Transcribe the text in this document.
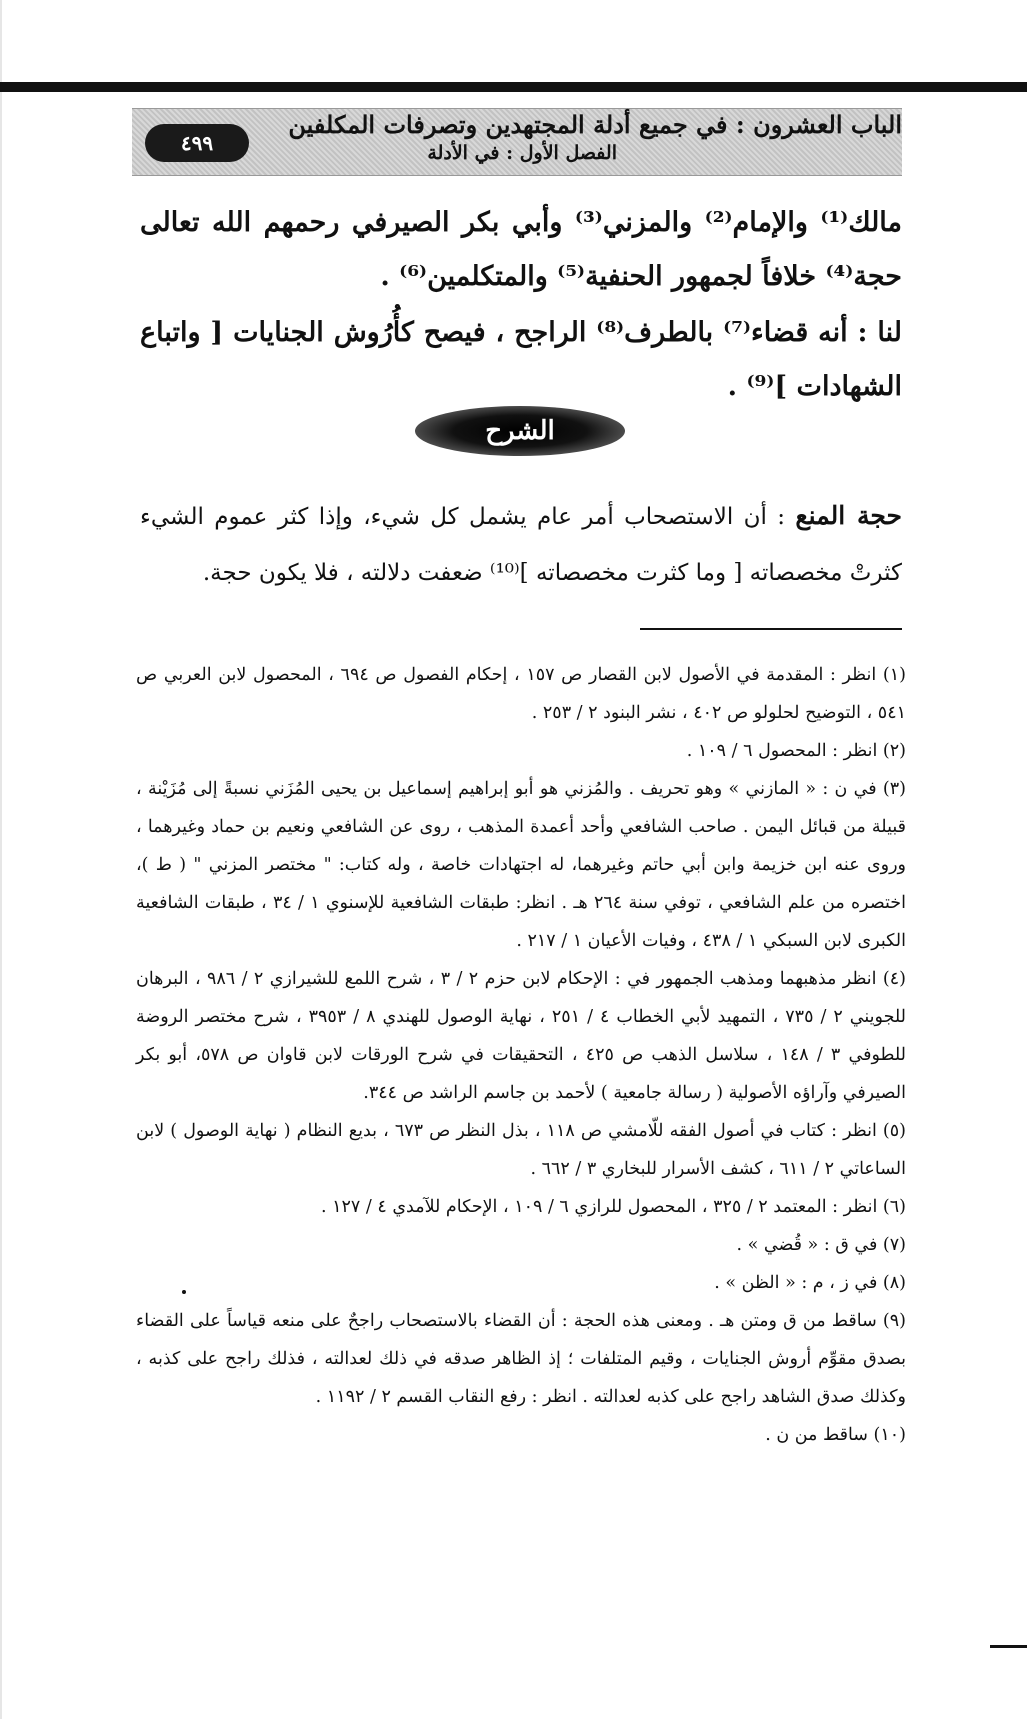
٤٩٩
الباب العشرون : في جميع أدلة المجتهدين وتصرفات المكلفين
الفصل الأول : في الأدلة
مالك⁽¹⁾ والإمام⁽²⁾ والمزني⁽³⁾ وأبي بكر الصيرفي رحمهم الله تعالى حجة⁽⁴⁾ خلافاً لجمهور الحنفية⁽⁵⁾ والمتكلمين⁽⁶⁾ .
لنا : أنه قضاء⁽⁷⁾ بالطرف⁽⁸⁾ الراجح ، فيصح كأُرُوش الجنايات [ واتباع الشهادات ]⁽⁹⁾ .
الشرح
حجة المنع : أن الاستصحاب أمر عام يشمل كل شيء، وإذا كثر عموم الشيء كثرتْ مخصصاته [ وما كثرت مخصصاته ]⁽¹⁰⁾ ضعفت دلالته ، فلا يكون حجة.
(١) انظر : المقدمة في الأصول لابن القصار ص ١٥٧ ، إحكام الفصول ص ٦٩٤ ، المحصول لابن العربي ص ٥٤١ ، التوضيح لحلولو ص ٤٠٢ ، نشر البنود ٢ / ٢٥٣ .
(٢) انظر : المحصول ٦ / ١٠٩ .
(٣) في ن : « المازني » وهو تحريف . والمُزني هو أبو إبراهيم إسماعيل بن يحيى المُزَني نسبةً إلى مُزَيْنة ، قبيلة من قبائل اليمن . صاحب الشافعي وأحد أعمدة المذهب ، روى عن الشافعي ونعيم بن حماد وغيرهما ، وروى عنه ابن خزيمة وابن أبي حاتم وغيرهما، له اجتهادات خاصة ، وله كتاب: " مختصر المزني " ( ط )، اختصره من علم الشافعي ، توفي سنة ٢٦٤ هـ . انظر: طبقات الشافعية للإسنوي ١ / ٣٤ ، طبقات الشافعية الكبرى لابن السبكي ١ / ٤٣٨ ، وفيات الأعيان ١ / ٢١٧ .
(٤) انظر مذهبهما ومذهب الجمهور في : الإحكام لابن حزم ٢ / ٣ ، شرح اللمع للشيرازي ٢ / ٩٨٦ ، البرهان للجويني ٢ / ٧٣٥ ، التمهيد لأبي الخطاب ٤ / ٢٥١ ، نهاية الوصول للهندي ٨ / ٣٩٥٣ ، شرح مختصر الروضة للطوفي ٣ / ١٤٨ ، سلاسل الذهب ص ٤٢٥ ، التحقيقات في شرح الورقات لابن قاوان ص ٥٧٨، أبو بكر الصيرفي وآراؤه الأصولية ( رسالة جامعية ) لأحمد بن جاسم الراشد ص ٣٤٤.
(٥) انظر : كتاب في أصول الفقه للّامشي ص ١١٨ ، بذل النظر ص ٦٧٣ ، بديع النظام ( نهاية الوصول ) لابن الساعاتي ٢ / ٦١١ ، كشف الأسرار للبخاري ٣ / ٦٦٢ .
(٦) انظر : المعتمد ٢ / ٣٢٥ ، المحصول للرازي ٦ / ١٠٩ ، الإحكام للآمدي ٤ / ١٢٧ .
(٧) في ق : « قُضي » .
(٨) في ز ، م : « الظن » .
(٩) ساقط من ق ومتن هـ . ومعنى هذه الحجة : أن القضاء بالاستصحاب راجحٌ على منعه قياساً على القضاء بصدق مقوِّم أروش الجنايات ، وقيم المتلفات ؛ إذ الظاهر صدقه في ذلك لعدالته ، فذلك راجح على كذبه ، وكذلك صدق الشاهد راجح على كذبه لعدالته . انظر : رفع النقاب القسم ٢ / ١١٩٢ .
(١٠) ساقط من ن .
